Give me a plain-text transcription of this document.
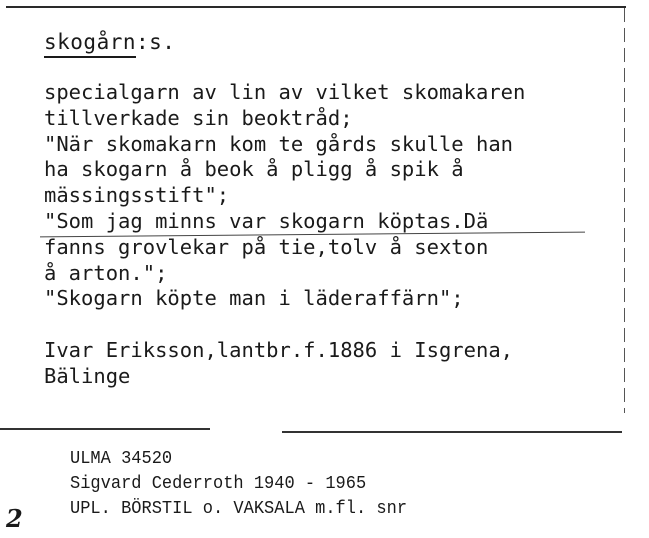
skogårn:s.
specialgarn av lin av vilket skomakaren
tillverkade sin beoktråd;
"När skomakarn kom te gårds skulle han
ha skogarn å beok å pligg å spik å
mässingsstift";
"Som jag minns var skogarn köptas.Dä
fanns grovlekar på tie,tolv å sexton
å arton.";
"Skogarn köpte man i läderaffärn";
Ivar Eriksson,lantbr.f.1886 i Isgrena,
Bälinge
ULMA 34520
Sigvard Cederroth 1940 - 1965
UPL. BÖRSTIL o. VAKSALA m.fl. snr
2
